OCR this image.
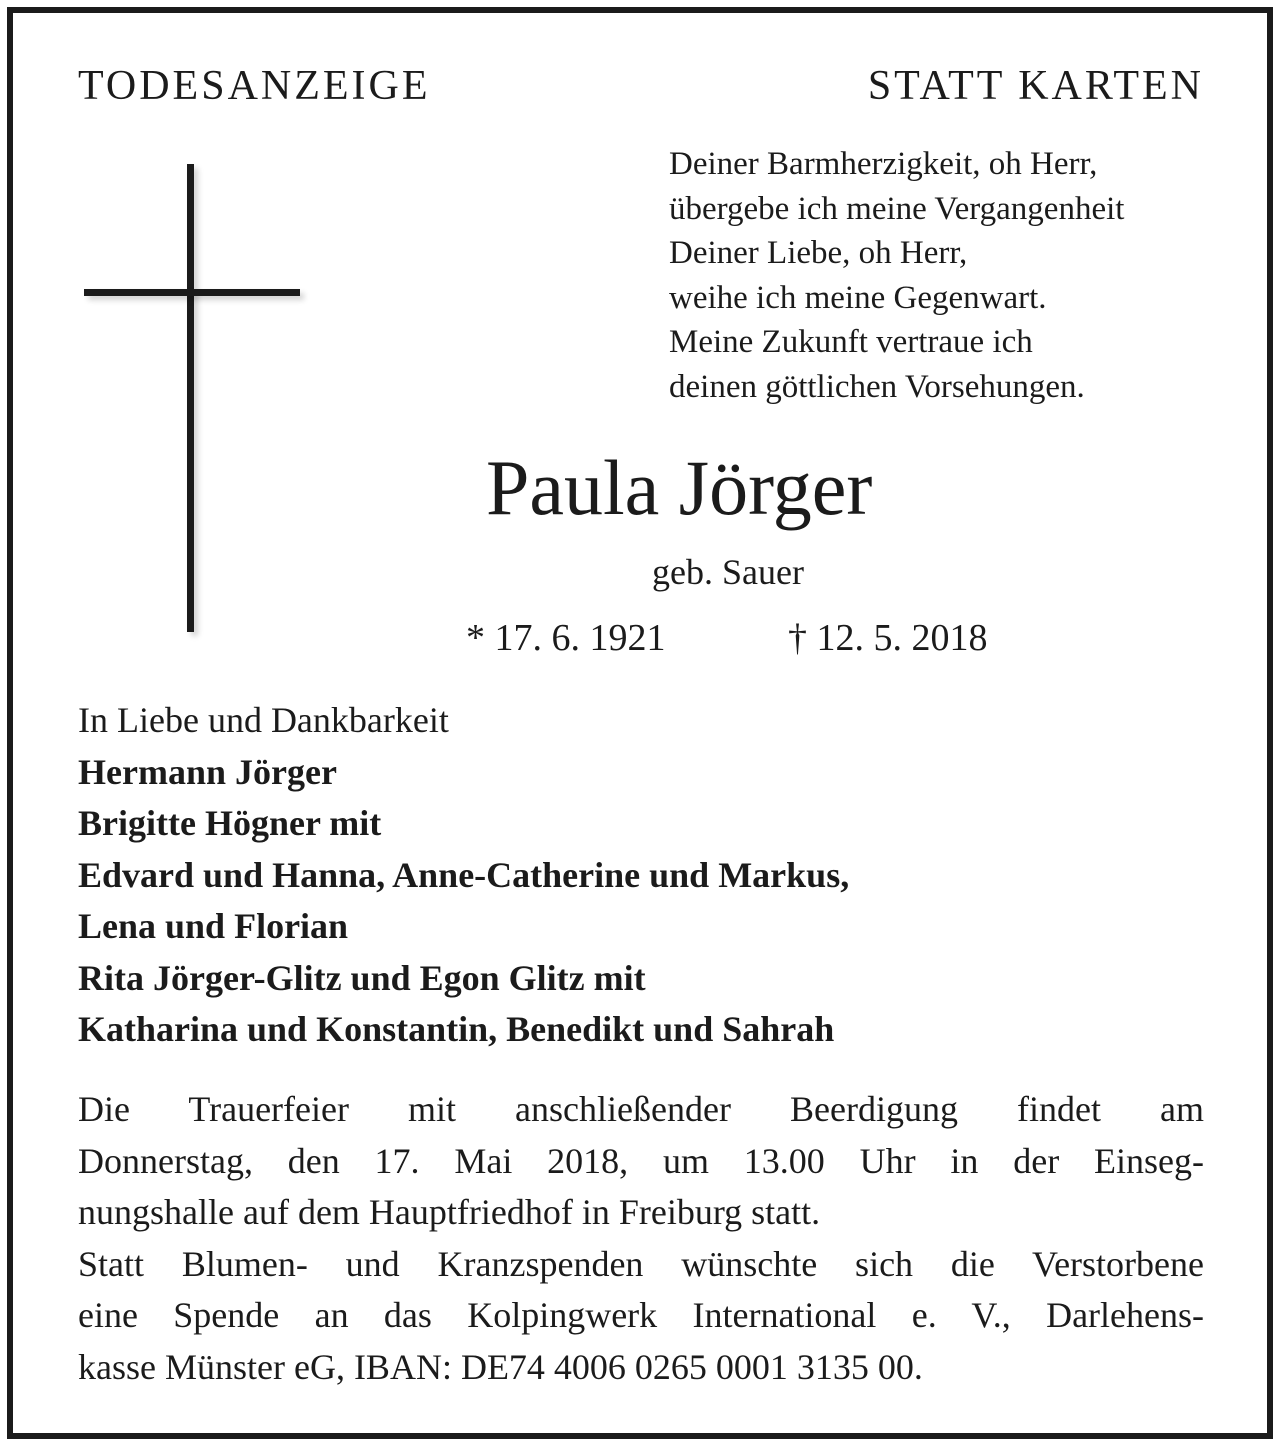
TODESANZEIGE	STATT KARTEN
Deiner Barmherzigkeit, oh Herr,
übergebe ich meine Vergangenheit
Deiner Liebe, oh Herr,
weihe ich meine Gegenwart.
Meine Zukunft vertraue ich
deinen göttlichen Vorsehungen.
Paula Jörger
geb. Sauer
* 17. 6. 1921	† 12. 5. 2018
In Liebe und Dankbarkeit
Hermann Jörger
Brigitte Högner mit
Edvard und Hanna, Anne-Catherine und Markus,
Lena und Florian
Rita Jörger-Glitz und Egon Glitz mit
Katharina und Konstantin, Benedikt und Sahrah
Die Trauerfeier mit anschließender Beerdigung findet am
Donnerstag, den 17. Mai 2018, um 13.00 Uhr in der Einseg-
nungshalle auf dem Hauptfriedhof in Freiburg statt.
Statt Blumen- und Kranzspenden wünschte sich die Verstorbene
eine Spende an das Kolpingwerk International e. V., Darlehens-
kasse Münster eG, IBAN: DE74 4006 0265 0001 3135 00.
